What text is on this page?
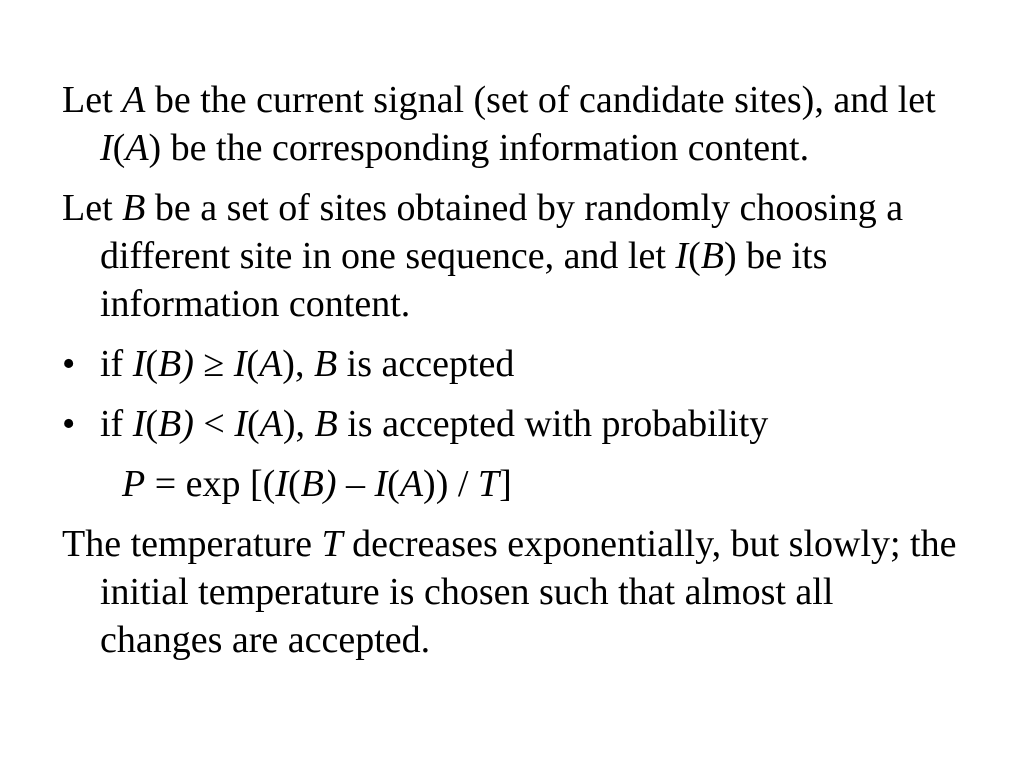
Let A be the current signal (set of candidate sites), and let I(A) be the corresponding information content.

Let B be a set of sites obtained by randomly choosing a different site in one sequence, and let I(B) be its information content.

• if I(B) ≥ I(A), B is accepted
• if I(B) < I(A), B is accepted with probability
P = exp [(I(B) – I(A)) / T]

The temperature T decreases exponentially, but slowly; the initial temperature is chosen such that almost all changes are accepted.
